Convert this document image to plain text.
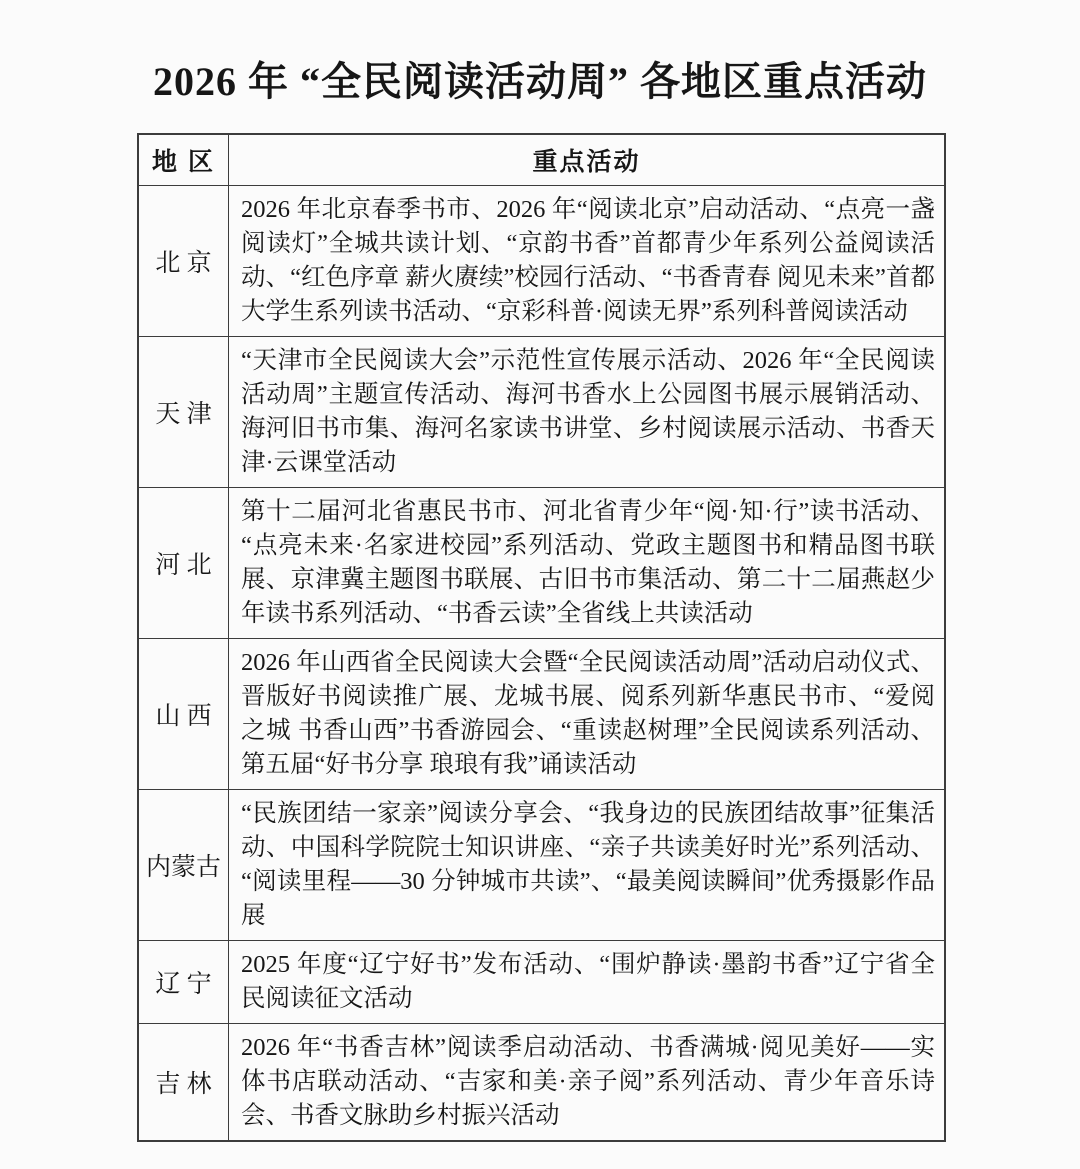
2026 年 “全民阅读活动周” 各地区重点活动
地 区	重点活动
北 京	2026 年北京春季书市、2026 年“阅读北京”启动活动、“点亮一盏阅读灯”全城共读计划、“京韵书香”首都青少年系列公益阅读活动、“红色序章 薪火赓续”校园行活动、“书香青春 阅见未来”首都大学生系列读书活动、“京彩科普·阅读无界”系列科普阅读活动
天 津	“天津市全民阅读大会”示范性宣传展示活动、2026 年“全民阅读活动周”主题宣传活动、海河书香水上公园图书展示展销活动、海河旧书市集、海河名家读书讲堂、乡村阅读展示活动、书香天津·云课堂活动
河 北	第十二届河北省惠民书市、河北省青少年“阅·知·行”读书活动、“点亮未来·名家进校园”系列活动、党政主题图书和精品图书联展、京津冀主题图书联展、古旧书市集活动、第二十二届燕赵少年读书系列活动、“书香云读”全省线上共读活动
山 西	2026 年山西省全民阅读大会暨“全民阅读活动周”活动启动仪式、晋版好书阅读推广展、龙城书展、阅系列新华惠民书市、“爱阅之城 书香山西”书香游园会、“重读赵树理”全民阅读系列活动、第五届“好书分享 琅琅有我”诵读活动
内蒙古	“民族团结一家亲”阅读分享会、“我身边的民族团结故事”征集活动、中国科学院院士知识讲座、“亲子共读美好时光”系列活动、“阅读里程——30 分钟城市共读”、“最美阅读瞬间”优秀摄影作品展
辽 宁	2025 年度“辽宁好书”发布活动、“围炉静读·墨韵书香”辽宁省全民阅读征文活动
吉 林	2026 年“书香吉林”阅读季启动活动、书香满城·阅见美好——实体书店联动活动、“吉家和美·亲子阅”系列活动、青少年音乐诗会、书香文脉助乡村振兴活动
